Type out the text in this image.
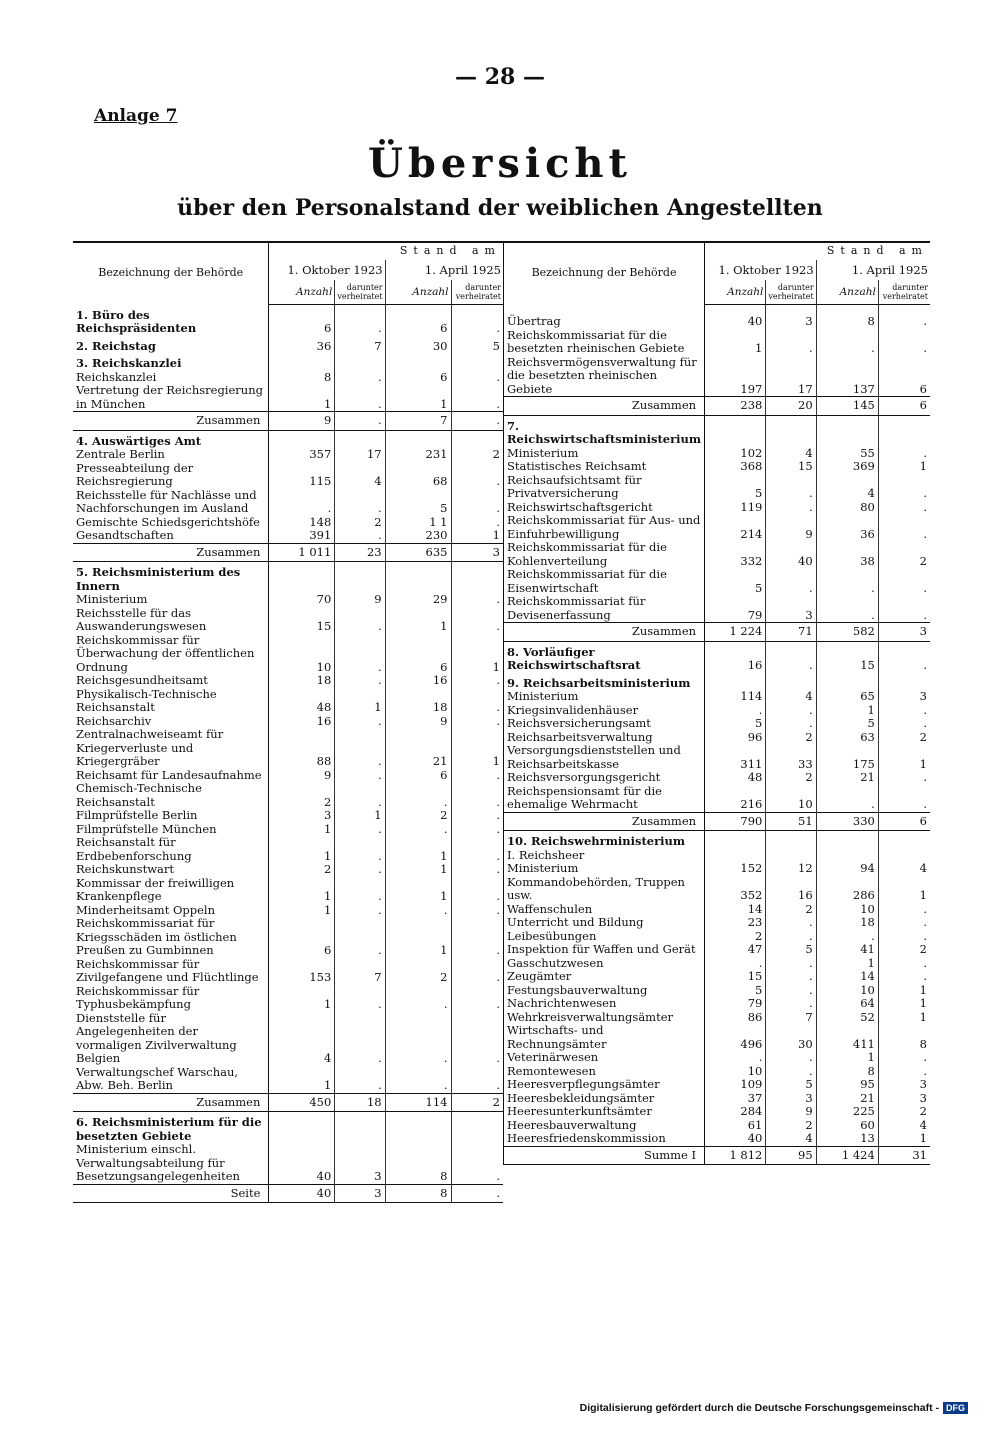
— 28 —
Anlage 7
Übersicht
über den Personalstand der weiblichen Angestellten
Bezeichnung der Behörde	Stand am			
	1. Oktober 1923		1. April 1925	
	Anzahl	darunter verheiratet	Anzahl	darunter verheiratet
1. Büro des Reichspräsidenten	6	.	6	.
2. Reichstag	36	7	30	5
3. Reichskanzlei				
Reichskanzlei	8	.	6	.
Vertretung der Reichsregierung in München	1	.	1	.
Zusammen	9	.	7	.
4. Auswärtiges Amt				
Zentrale Berlin	357	17	231	2
Presseabteilung der Reichsregierung	115	4	68	.
Reichsstelle für Nachlässe und Nachforschungen im Ausland	.	.	5	.
Gemischte Schiedsgerichtshöfe	148	2	1 1	.
Gesandtschaften	391	.	230	1
Zusammen	1 011	23	635	3
5. Reichsministerium des Innern				
Ministerium	70	9	29	.
Reichsstelle für das Auswanderungswesen	15	.	1	.
Reichskommissar für Überwachung der öffentlichen Ordnung	10	.	6	1
Reichsgesundheitsamt	18	.	16	.
Physikalisch-Technische Reichsanstalt	48	1	18	.
Reichsarchiv	16	.	9	.
Zentralnachweiseamt für Kriegerverluste und Kriegergräber	88	.	21	1
Reichsamt für Landesaufnahme	9	.	6	.
Chemisch-Technische Reichsanstalt	2	.	.	.
Filmprüfstelle Berlin	3	1	2	.
Filmprüfstelle München	1	.	.	.
Reichsanstalt für Erdbebenforschung	1	.	1	.
Reichskunstwart	2	.	1	.
Kommissar der freiwilligen Krankenpflege	1	.	1	.
Minderheitsamt Oppeln	1	.	.	.
Reichskommissariat für Kriegsschäden im östlichen Preußen zu Gumbinnen	6	.	1	.
Reichskommissar für Zivilgefangene und Flüchtlinge	153	7	2	.
Reichskommissar für Typhusbekämpfung	1	.	.	.
Dienststelle für Angelegenheiten der vormaligen Zivilverwaltung Belgien	4	.	.	.
Verwaltungschef Warschau, Abw. Beh. Berlin	1	.	.	.
Zusammen	450	18	114	2
6. Reichsministerium für die besetzten Gebiete				
Ministerium einschl. Verwaltungsabteilung für Besetzungsangelegenheiten	40	3	8	.
Seite	40	3	8	.
Bezeichnung der Behörde	Stand am			
	1. Oktober 1923		1. April 1925	
	Anzahl	darunter verheiratet	Anzahl	darunter verheiratet
Übertrag	40	3	8	.
Reichskommissariat für die besetzten rheinischen Gebiete	1	.	.	.
Reichsvermögensverwaltung für die besetzten rheinischen Gebiete	197	17	137	6
Zusammen	238	20	145	6
7. Reichswirtschaftsministerium				
Ministerium	102	4	55	.
Statistisches Reichsamt	368	15	369	1
Reichsaufsichtsamt für Privatversicherung	5	.	4	.
Reichswirtschaftsgericht	119	.	80	.
Reichskommissariat für Aus- und Einfuhrbewilligung	214	9	36	.
Reichskommissariat für die Kohlenverteilung	332	40	38	2
Reichskommissariat für die Eisenwirtschaft	5	.	.	.
Reichskommissariat für Devisenerfassung	79	3	.	.
Zusammen	1 224	71	582	3
8. Vorläufiger Reichswirtschaftsrat	16	.	15	.
9. Reichsarbeitsministerium				
Ministerium	114	4	65	3
Kriegsinvalidenhäuser	.	.	1	.
Reichsversicherungsamt	5	.	5	.
Reichsarbeitsverwaltung	96	2	63	2
Versorgungsdienststellen und Reichsarbeitskasse	311	33	175	1
Reichsversorgungsgericht	48	2	21	.
Reichspensionsamt für die ehemalige Wehrmacht	216	10	.	.
Zusammen	790	51	330	6
10. Reichswehrministerium				
I. Reichsheer				
Ministerium	152	12	94	4
Kommandobehörden, Truppen usw.	352	16	286	1
Waffenschulen	14	2	10	.
Unterricht und Bildung	23	.	18	.
Leibesübungen	2	.	.	.
Inspektion für Waffen und Gerät	47	5	41	2
Gasschutzwesen	.	.	1	.
Zeugämter	15	.	14	.
Festungsbauverwaltung	5	.	10	1
Nachrichtenwesen	79	.	64	1
Wehrkreisverwaltungsämter	86	7	52	1
Wirtschafts- und Rechnungsämter	496	30	411	8
Veterinärwesen	.	.	1	.
Remontewesen	10	.	8	.
Heeresverpflegungsämter	109	5	95	3
Heeresbekleidungsämter	37	3	21	3
Heeresunterkunftsämter	284	9	225	2
Heeresbauverwaltung	61	2	60	4
Heeresfriedenskommission	40	4	13	1
Summe I	1 812	95	1 424	31
Digitalisierung gefördert durch die Deutsche Forschungsgemeinschaft - DFG
